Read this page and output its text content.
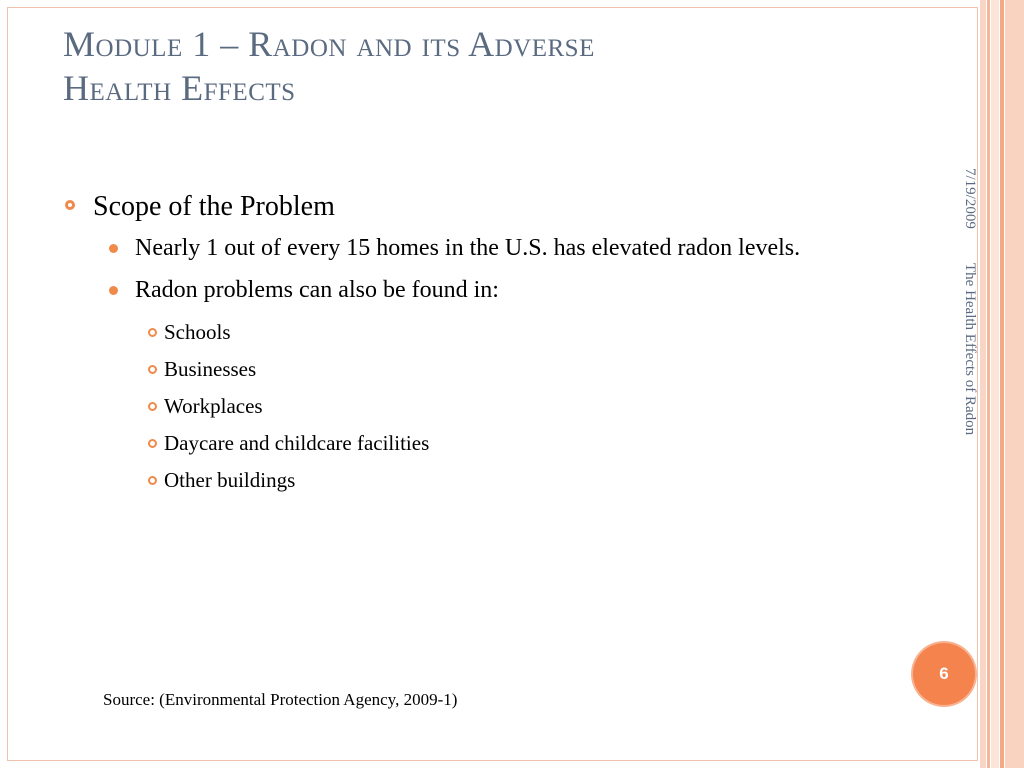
Module 1 – Radon and its Adverse
Health Effects

Scope of the Problem

Nearly 1 out of every 15 homes in the U.S. has elevated radon levels.

Radon problems can also be found in:

Schools

Businesses

Workplaces

Daycare and childcare facilities

Other buildings

7/19/2009 The Health Effects of Radon
6
Source: (Environmental Protection Agency, 2009-1)
